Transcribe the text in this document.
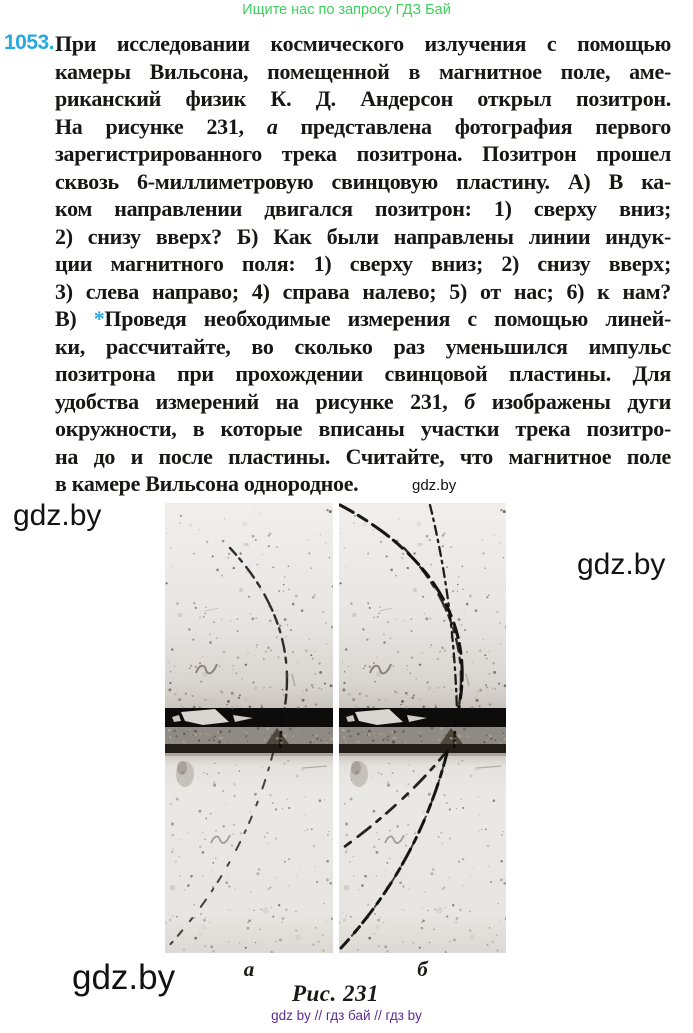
Ищите нас по запросу ГДЗ Бай
1053. При исследовании космического излучения с помощью
камеры Вильсона, помещенной в магнитное поле, аме-
риканский физик К. Д. Андерсон открыл позитрон.
На рисунке 231, а представлена фотография первого
зарегистрированного трека позитрона. Позитрон прошел
сквозь 6-миллиметровую свинцовую пластину. А) В ка-
ком направлении двигался позитрон: 1) сверху вниз;
2) снизу вверх? Б) Как были направлены линии индук-
ции магнитного поля: 1) сверху вниз; 2) снизу вверх;
3) слева направо; 4) справа налево; 5) от нас; 6) к нам?
В) *Проведя необходимые измерения с помощью линей-
ки, рассчитайте, во сколько раз уменьшился импульс
позитрона при прохождении свинцовой пластины. Для
удобства измерений на рисунке 231, б изображены дуги
окружности, в которые вписаны участки трека позитро-
на до и после пластины. Считайте, что магнитное поле
в камере Вильсона однородное.	gdz.by
gdz.by
gdz.by
gdz.by	а	б
Рис. 231
gdz by // гдз бай // гдз by
